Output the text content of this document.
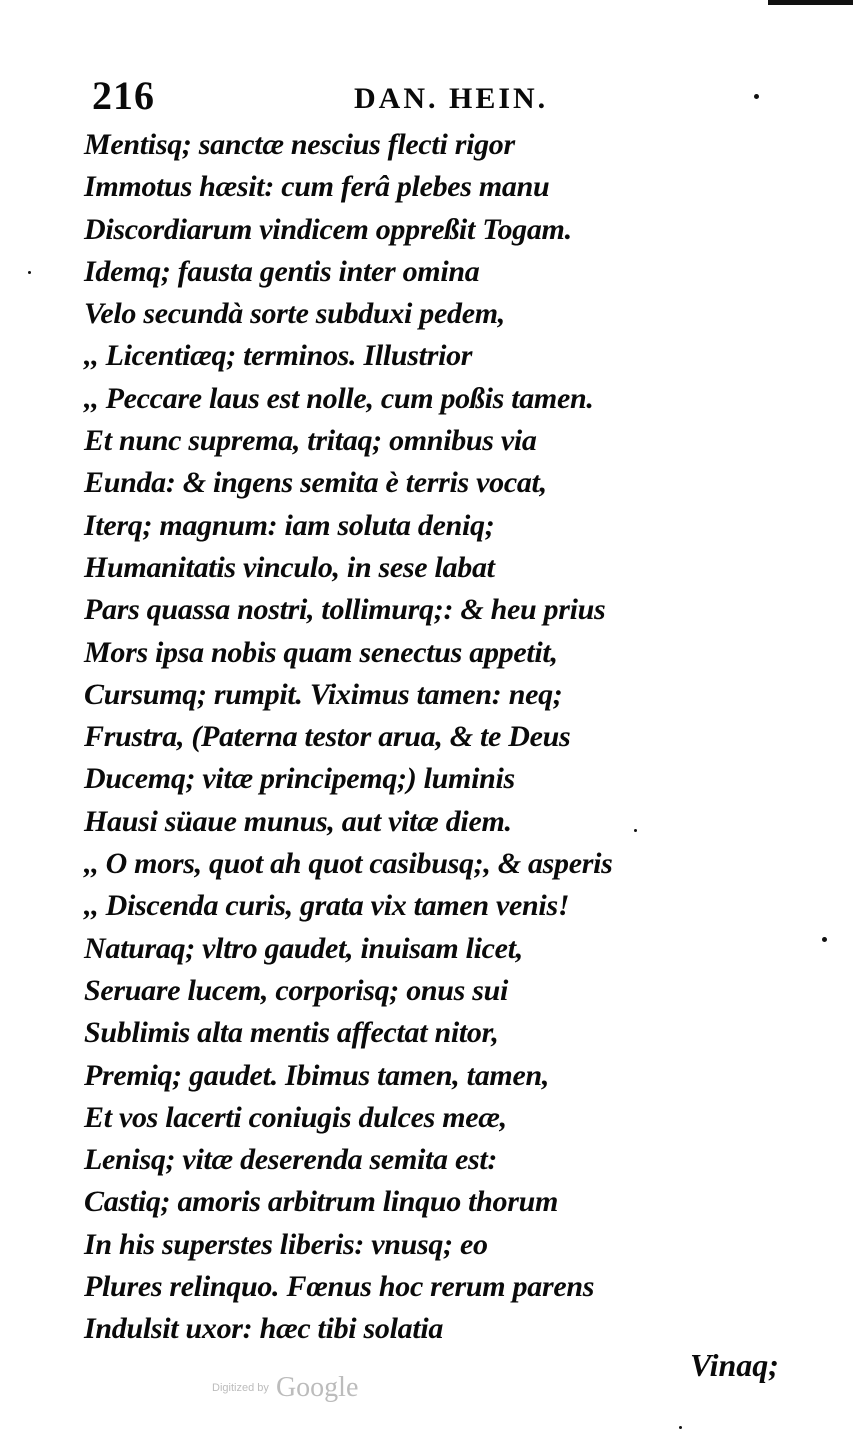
216	DAN. HEIN.
Mentisq; sanctæ nescius flecti rigor
Immotus hæsit: cum ferâ plebes manu
Discordiarum vindicem oppreßit Togam.
Idemq; fausta gentis inter omina
Velo secundà sorte subduxi pedem,
,, Licentiæq; terminos. Illustrior
,, Peccare laus est nolle, cum poßis tamen.
Et nunc suprema, tritaq; omnibus via
Eunda: & ingens semita è terris vocat,
Iterq; magnum: iam soluta deniq;
Humanitatis vinculo, in sese labat
Pars quassa nostri, tollimurq;: & heu prius
Mors ipsa nobis quam senectus appetit,
Cursumq; rumpit. Viximus tamen: neq;
Frustra, (Paterna testor arua, & te Deus
Ducemq; vitæ principemq;) luminis
Hausi süaue munus, aut vitæ diem.
,, O mors, quot ah quot casibusq;, & asperis
,, Discenda curis, grata vix tamen venis!
Naturaq; vltro gaudet, inuisam licet,
Seruare lucem, corporisq; onus sui
Sublimis alta mentis affectat nitor,
Premiq; gaudet. Ibimus tamen, tamen,
Et vos lacerti coniugis dulces meæ,
Lenisq; vitæ deserenda semita est:
Castiq; amoris arbitrum linquo thorum
In his superstes liberis: vnusq; eo
Plures relinquo. Fœnus hoc rerum parens
Indulsit uxor: hæc tibi solatia
Vinaq;
Digitized by Google
